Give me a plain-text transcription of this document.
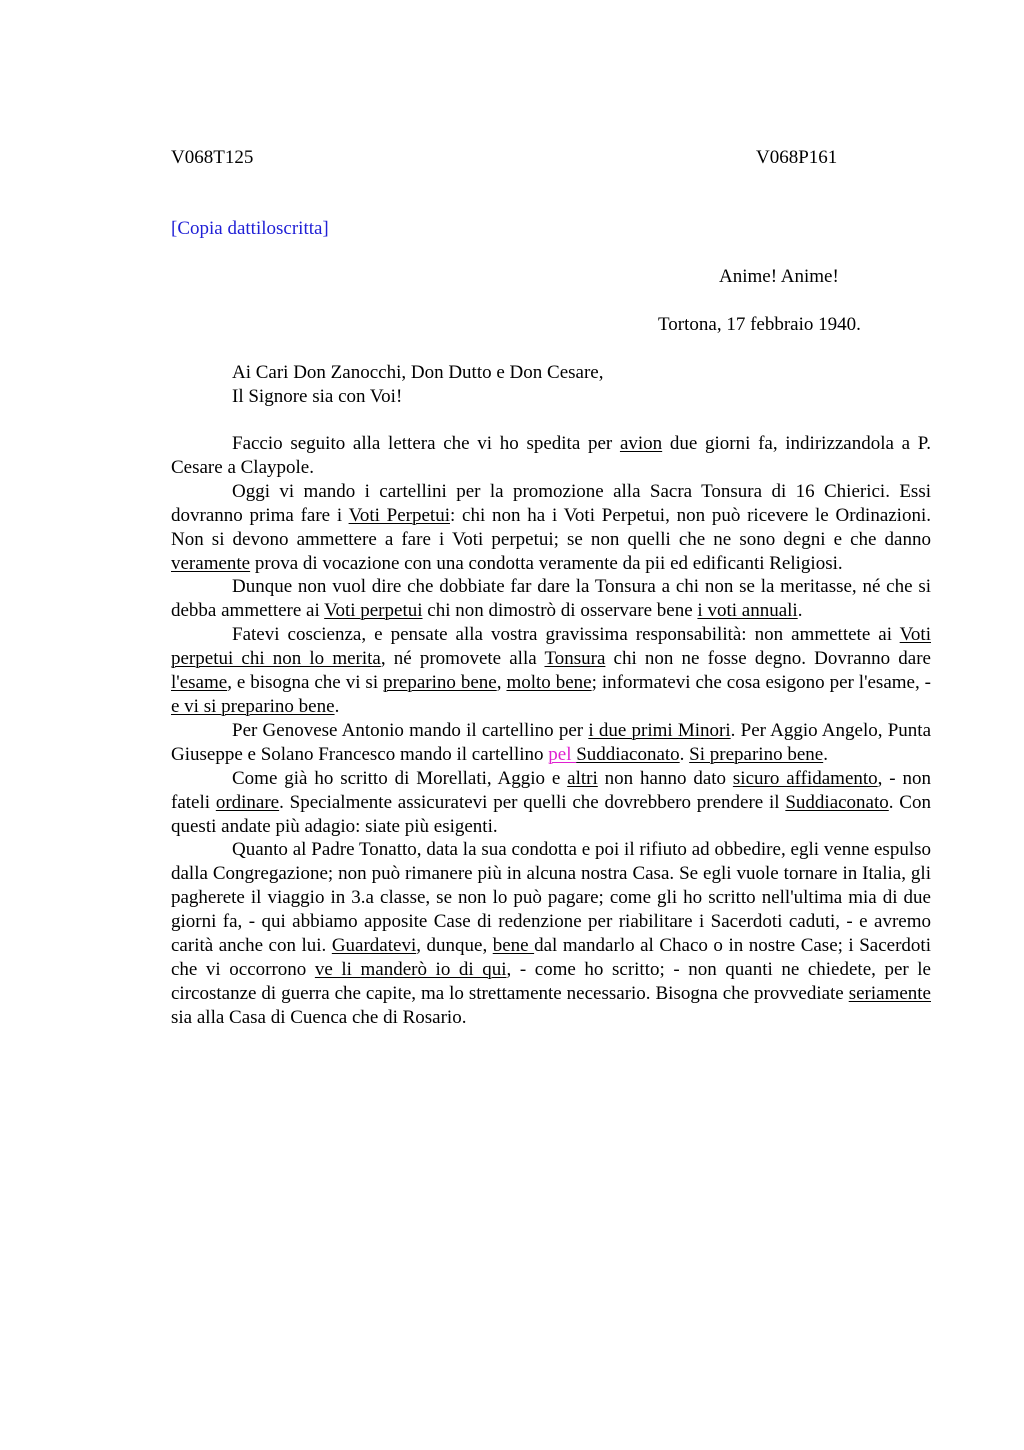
V068T125	V068P161
[Copia dattiloscritta]
Anime! Anime!
Tortona, 17 febbraio 1940.
Ai Cari Don Zanocchi, Don Dutto e Don Cesare,
Il Signore sia con Voi!

Faccio seguito alla lettera che vi ho spedita per avion due giorni fa, indirizzandola a P. Cesare a Claypole.

Oggi vi mando i cartellini per la promozione alla Sacra Tonsura di 16 Chierici. Essi dovranno prima fare i Voti Perpetui: chi non ha i Voti Perpetui, non può ricevere le Ordinazioni. Non si devono ammettere a fare i Voti perpetui; se non quelli che ne sono degni e che danno veramente prova di vocazione con una condotta veramente da pii ed edificanti Religiosi.

Dunque non vuol dire che dobbiate far dare la Tonsura a chi non se la meritasse, né che si debba ammettere ai Voti perpetui chi non dimostrò di osservare bene i voti annuali.

Fatevi coscienza, e pensate alla vostra gravissima responsabilità: non ammettete ai Voti perpetui chi non lo merita, né promovete alla Tonsura chi non ne fosse degno. Dovranno dare l'esame, e bisogna che vi si preparino bene, molto bene; informatevi che cosa esigono per l'esame, - e vi si preparino bene.

Per Genovese Antonio mando il cartellino per i due primi Minori. Per Aggio Angelo, Punta Giuseppe e Solano Francesco mando il cartellino pel Suddiaconato. Si preparino bene.

Come già ho scritto di Morellati, Aggio e altri non hanno dato sicuro affidamento, - non fateli ordinare. Specialmente assicuratevi per quelli che dovrebbero prendere il Suddiaconato. Con questi andate più adagio: siate più esigenti.

Quanto al Padre Tonatto, data la sua condotta e poi il rifiuto ad obbedire, egli venne espulso dalla Congregazione; non può rimanere più in alcuna nostra Casa. Se egli vuole tornare in Italia, gli pagherete il viaggio in 3.a classe, se non lo può pagare; come gli ho scritto nell'ultima mia di due giorni fa, - qui abbiamo apposite Case di redenzione per riabilitare i Sacerdoti caduti, - e avremo carità anche con lui. Guardatevi, dunque, bene dal mandarlo al Chaco o in nostre Case; i Sacerdoti che vi occorrono ve li manderò io di qui, - come ho scritto; - non quanti ne chiedete, per le circostanze di guerra che capite, ma lo strettamente necessario. Bisogna che provvediate seriamente sia alla Casa di Cuenca che di Rosario.
